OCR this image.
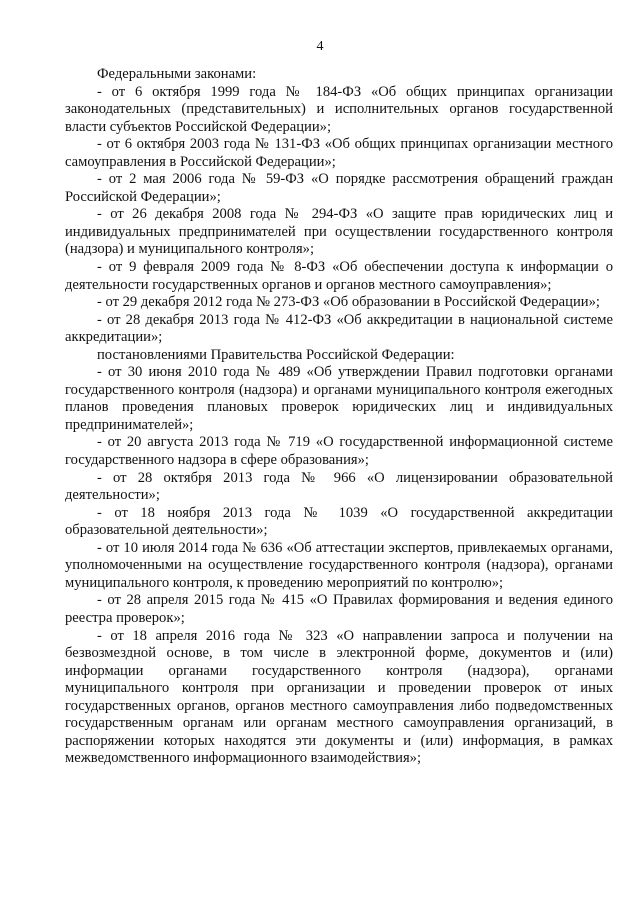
4

Федеральными законами:

- от 6 октября 1999 года № 184-ФЗ «Об общих принципах организации законодательных (представительных) и исполнительных органов государственной власти субъектов Российской Федерации»;

- от 6 октября 2003 года № 131-ФЗ «Об общих принципах организации местного самоуправления в Российской Федерации»;

- от 2 мая 2006 года № 59-ФЗ «О порядке рассмотрения обращений граждан Российской Федерации»;

- от 26 декабря 2008 года № 294-ФЗ «О защите прав юридических лиц и индивидуальных предпринимателей при осуществлении государственного контроля (надзора) и муниципального контроля»;

- от 9 февраля 2009 года № 8-ФЗ «Об обеспечении доступа к информации о деятельности государственных органов и органов местного самоуправления»;

- от 29 декабря 2012 года № 273-ФЗ «Об образовании в Российской Федерации»;

- от 28 декабря 2013 года № 412-ФЗ «Об аккредитации в национальной системе аккредитации»;

постановлениями Правительства Российской Федерации:

- от 30 июня 2010 года № 489 «Об утверждении Правил подготовки органами государственного контроля (надзора) и органами муниципального контроля ежегодных планов проведения плановых проверок юридических лиц и индивидуальных предпринимателей»;

- от 20 августа 2013 года № 719 «О государственной информационной системе государственного надзора в сфере образования»;

- от 28 октября 2013 года № 966 «О лицензировании образовательной деятельности»;

- от 18 ноября 2013 года № 1039 «О государственной аккредитации образовательной деятельности»;

- от 10 июля 2014 года № 636 «Об аттестации экспертов, привлекаемых органами, уполномоченными на осуществление государственного контроля (надзора), органами муниципального контроля, к проведению мероприятий по контролю»;

- от 28 апреля 2015 года № 415 «О Правилах формирования и ведения единого реестра проверок»;

- от 18 апреля 2016 года № 323 «О направлении запроса и получении на безвозмездной основе, в том числе в электронной форме, документов и (или) информации органами государственного контроля (надзора), органами муниципального контроля при организации и проведении проверок от иных государственных органов, органов местного самоуправления либо подведомственных государственным органам или органам местного самоуправления организаций, в распоряжении которых находятся эти документы и (или) информация, в рамках межведомственного информационного взаимодействия»;
